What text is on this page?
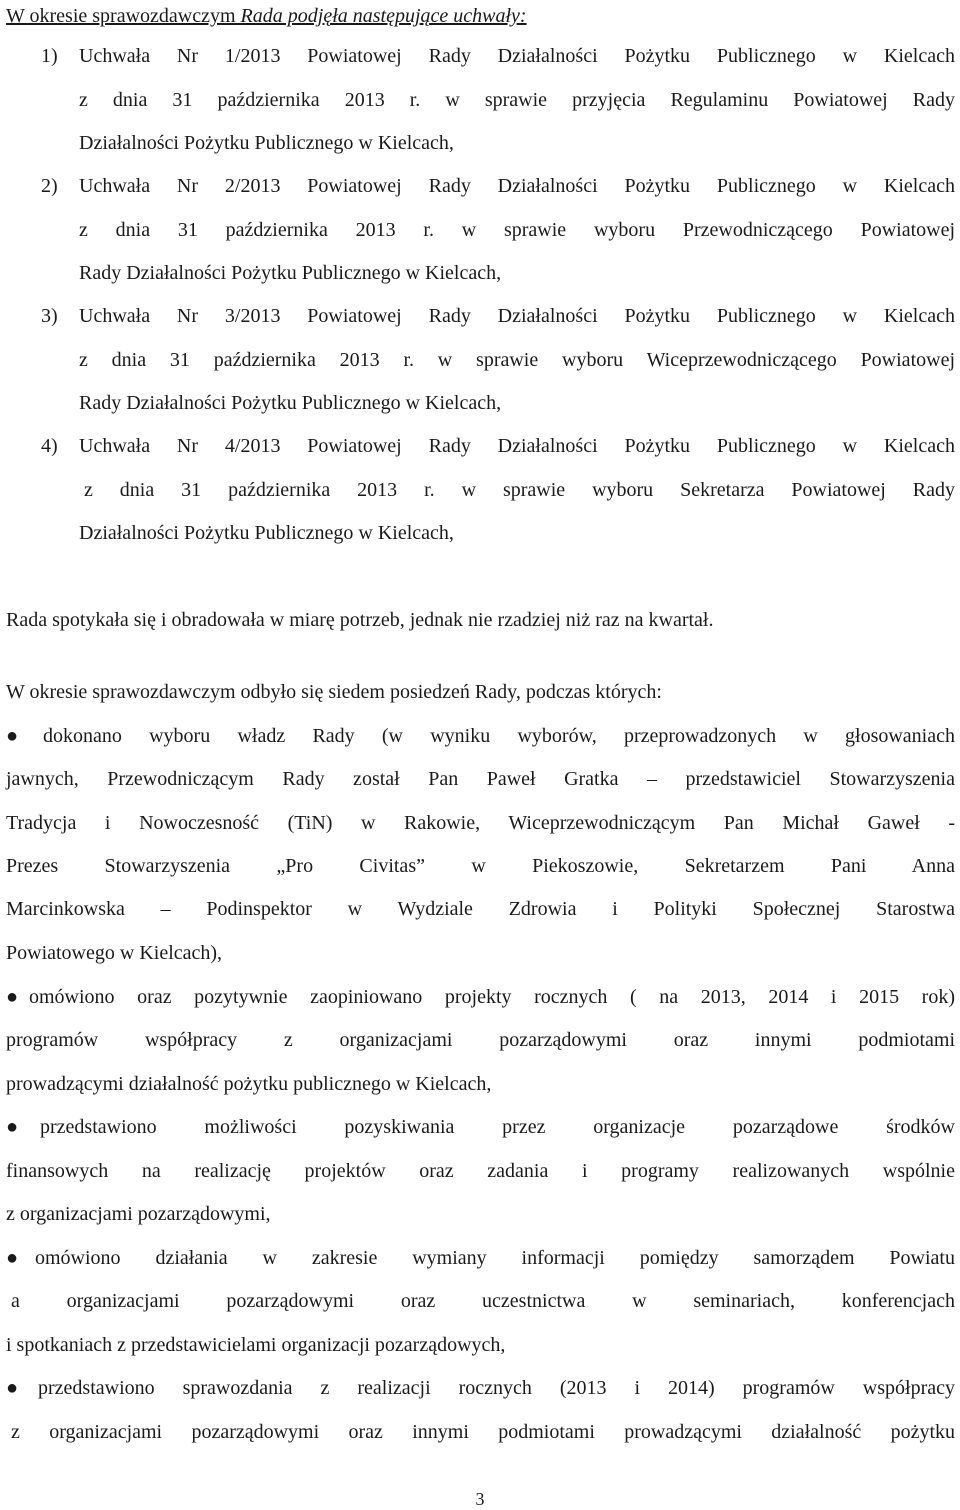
W okresie sprawozdawczym Rada podjęła następujące uchwały:
1) Uchwała Nr 1/2013 Powiatowej Rady Działalności Pożytku Publicznego w Kielcach
z dnia 31 października 2013 r. w sprawie przyjęcia Regulaminu Powiatowej Rady
Działalności Pożytku Publicznego w Kielcach,
2) Uchwała Nr 2/2013 Powiatowej Rady Działalności Pożytku Publicznego w Kielcach
z dnia 31 października 2013 r. w sprawie wyboru Przewodniczącego Powiatowej
Rady Działalności Pożytku Publicznego w Kielcach,
3) Uchwała Nr 3/2013 Powiatowej Rady Działalności Pożytku Publicznego w Kielcach
z dnia 31 października 2013 r. w sprawie wyboru Wiceprzewodniczącego Powiatowej
Rady Działalności Pożytku Publicznego w Kielcach,
4) Uchwała Nr 4/2013 Powiatowej Rady Działalności Pożytku Publicznego w Kielcach
z dnia 31 października 2013 r. w sprawie wyboru Sekretarza Powiatowej Rady
Działalności Pożytku Publicznego w Kielcach,
Rada spotykała się i obradowała w miarę potrzeb, jednak nie rzadziej niż raz na kwartał.
W okresie sprawozdawczym odbyło się siedem posiedzeń Rady, podczas których:
● dokonano wyboru władz Rady (w wyniku wyborów, przeprowadzonych w głosowaniach
jawnych, Przewodniczącym Rady został Pan Paweł Gratka – przedstawiciel Stowarzyszenia
Tradycja i Nowoczesność (TiN) w Rakowie, Wiceprzewodniczącym Pan Michał Gaweł -
Prezes Stowarzyszenia „Pro Civitas” w Piekoszowie, Sekretarzem Pani Anna
Marcinkowska – Podinspektor w Wydziale Zdrowia i Polityki Społecznej Starostwa
Powiatowego w Kielcach),
● omówiono oraz pozytywnie zaopiniowano projekty rocznych ( na 2013, 2014 i 2015 rok)
programów współpracy z organizacjami pozarządowymi oraz innymi podmiotami
prowadzącymi działalność pożytku publicznego w Kielcach,
● przedstawiono możliwości pozyskiwania przez organizacje pozarządowe środków
finansowych na realizację projektów oraz zadania i programy realizowanych wspólnie
z organizacjami pozarządowymi,
● omówiono działania w zakresie wymiany informacji pomiędzy samorządem Powiatu
a organizacjami pozarządowymi oraz uczestnictwa w seminariach, konferencjach
i spotkaniach z przedstawicielami organizacji pozarządowych,
● przedstawiono sprawozdania z realizacji rocznych (2013 i 2014) programów współpracy
z organizacjami pozarządowymi oraz innymi podmiotami prowadzącymi działalność pożytku
3
